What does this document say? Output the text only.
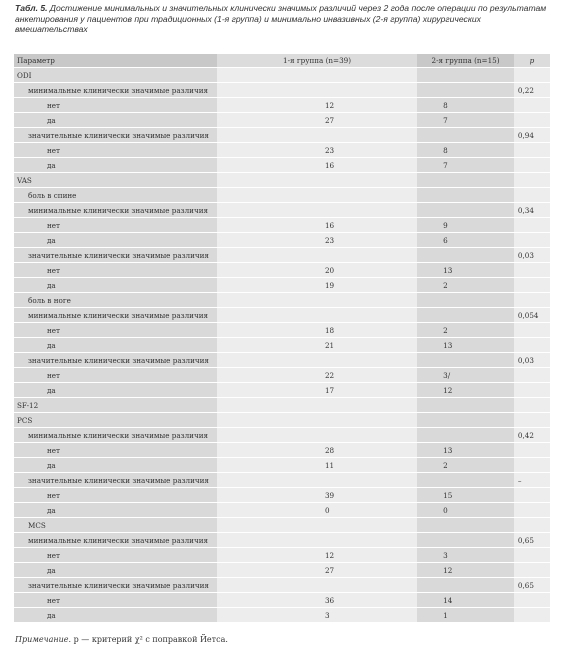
Табл. 5. Достижение минимальных и значительных клинически значимых различий через 2 года после операции по результатам анкетирования у пациентов при традиционных (1-я группа) и минимально инвазивных (2-я группа) хирургических вмешательствах
Параметр	1-я группа (n=39)	2-я группа (n=15)	p
ODI			
минимальные клинически значимые различия			0,22
нет	12	8	
да	27	7	
значительные клинически значимые различия			0,94
нет	23	8	
да	16	7	
VAS			
боль в спине			
минимальные клинически значимые различия			0,34
нет	16	9	
да	23	6	
значительные клинически значимые различия			0,03
нет	20	13	
да	19	2	
боль в ноге			
минимальные клинически значимые различия			0,054
нет	18	2	
да	21	13	
значительные клинически значимые различия			0,03
нет	22	3/	
да	17	12	
SF-12			
PCS			
минимальные клинически значимые различия			0,42
нет	28	13	
да	11	2	
значительные клинически значимые различия			–
нет	39	15	
да	0	0	
MCS			
минимальные клинически значимые различия			0,65
нет	12	3	
да	27	12	
значительные клинически значимые различия			0,65
нет	36	14	
да	3	1	
Примечание. p — критерий χ² с поправкой Йетса.
